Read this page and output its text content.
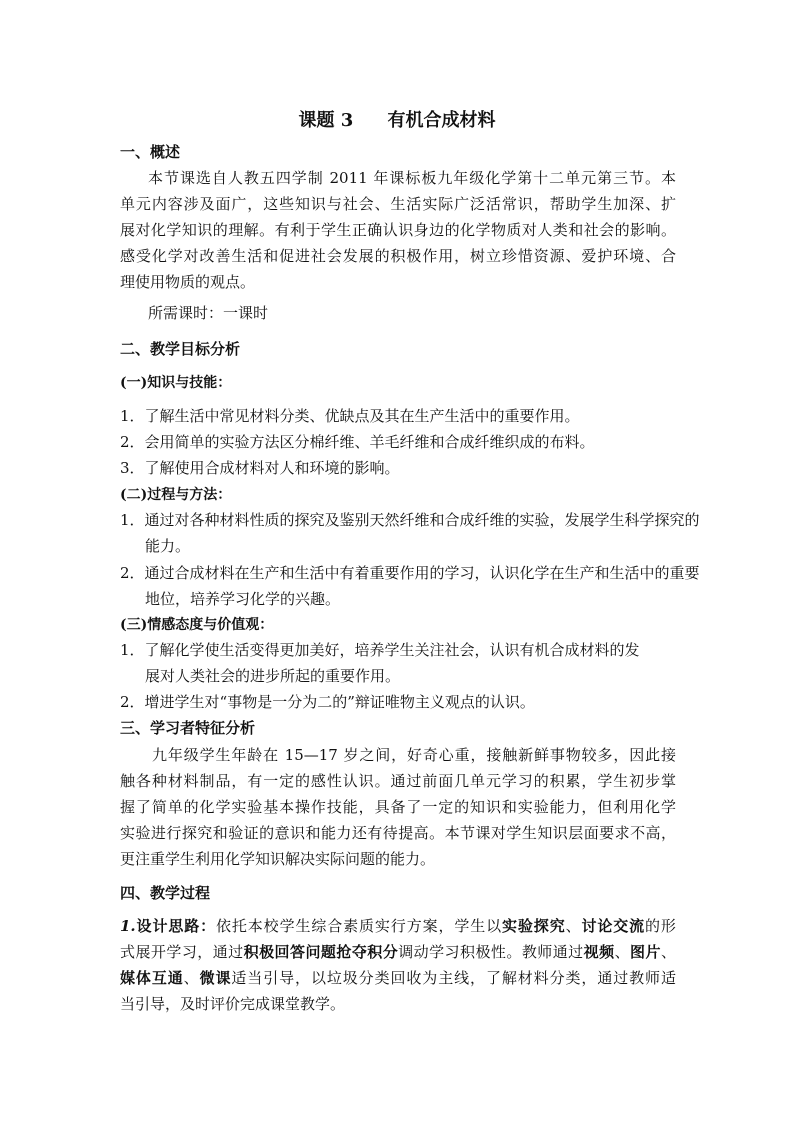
课题 3 有机合成材料
一、概述
本节课选自人教五四学制 2011 年课标板九年级化学第十二单元第三节。本
单元内容涉及面广，这些知识与社会、生活实际广泛活常识，帮助学生加深、扩
展对化学知识的理解。有利于学生正确认识身边的化学物质对人类和社会的影响。
感受化学对改善生活和促进社会发展的积极作用，树立珍惜资源、爱护环境、合
理使用物质的观点。
所需课时：一课时
二、教学目标分析
(一)知识与技能：
1．了解生活中常见材料分类、优缺点及其在生产生活中的重要作用。
2．会用简单的实验方法区分棉纤维、羊毛纤维和合成纤维织成的布料。
3．了解使用合成材料对人和环境的影响。
(二)过程与方法：
1．通过对各种材料性质的探究及鉴别天然纤维和合成纤维的实验，发展学生科学探究的
能力。
2．通过合成材料在生产和生活中有着重要作用的学习，认识化学在生产和生活中的重要
地位，培养学习化学的兴趣。
(三)情感态度与价值观：
1．了解化学使生活变得更加美好，培养学生关注社会，认识有机合成材料的发
展对人类社会的进步所起的重要作用。
2．增进学生对“事物是一分为二的”辩证唯物主义观点的认识。
三、学习者特征分析
九年级学生年龄在 15—17 岁之间，好奇心重，接触新鲜事物较多，因此接
触各种材料制品，有一定的感性认识。通过前面几单元学习的积累，学生初步掌
握了简单的化学实验基本操作技能，具备了一定的知识和实验能力，但利用化学
实验进行探究和验证的意识和能力还有待提高。本节课对学生知识层面要求不高，
更注重学生利用化学知识解决实际问题的能力。
四、教学过程
1.设计思路：依托本校学生综合素质实行方案，学生以实验探究、讨论交流的形
式展开学习，通过积极回答问题抢夺积分调动学习积极性。教师通过视频、图片、
媒体互通、微课适当引导，以垃圾分类回收为主线，了解材料分类，通过教师适
当引导，及时评价完成课堂教学。
